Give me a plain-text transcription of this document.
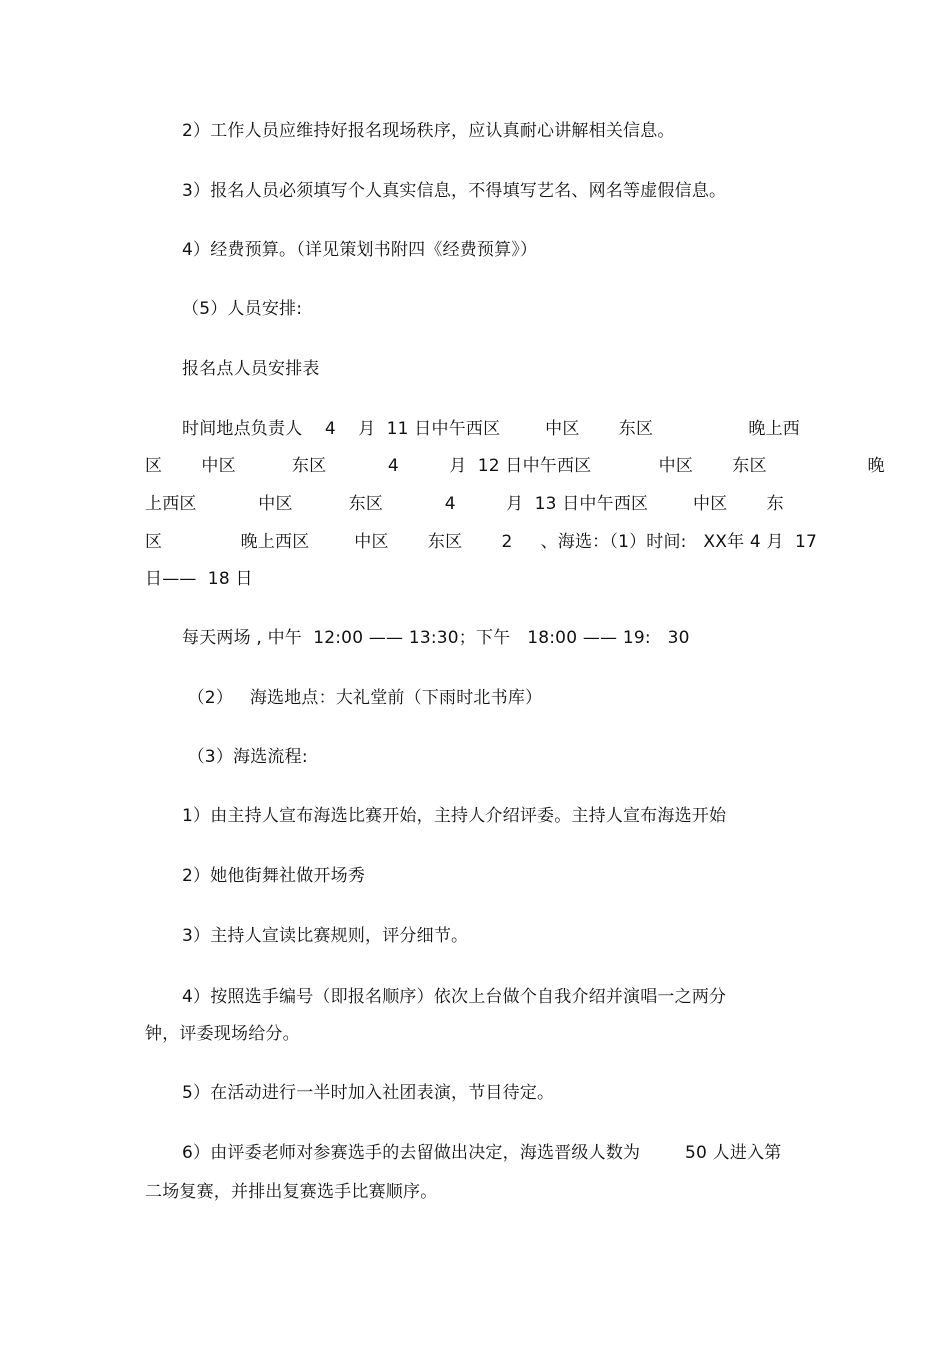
2）工作人员应维持好报名现场秩序，应认真耐心讲解相关信息。
3）报名人员必须填写个人真实信息，不得填写艺名、网名等虚假信息。
4）经费预算。（详见策划书附四《经费预算》）
（5）人员安排:
报名点人员安排表
时间地点负责人    4    月  11 日中午西区        中区       东区                 晚上西
区       中区          东区           4         月  12 日中午西区            中区       东区                  晚
上西区           中区          东区           4         月  13 日中午西区        中区       东
区              晚上西区        中区       东区       2     、海选：（1）时间:   XX年 4 月  17
日——  18 日
每天两场 , 中午  12:00 —— 13:30；下午   18:00 —— 19:   30
（2）   海选地点：大礼堂前（下雨时北书库）
（3）海选流程:
1）由主持人宣布海选比赛开始，主持人介绍评委。主持人宣布海选开始
2）她他街舞社做开场秀
3）主持人宣读比赛规则，评分细节。
4）按照选手编号（即报名顺序）依次上台做个自我介绍并演唱一之两分
钟，评委现场给分。
5）在活动进行一半时加入社团表演，节目待定。
6）由评委老师对参赛选手的去留做出决定，海选晋级人数为        50 人进入第
二场复赛，并排出复赛选手比赛顺序。
